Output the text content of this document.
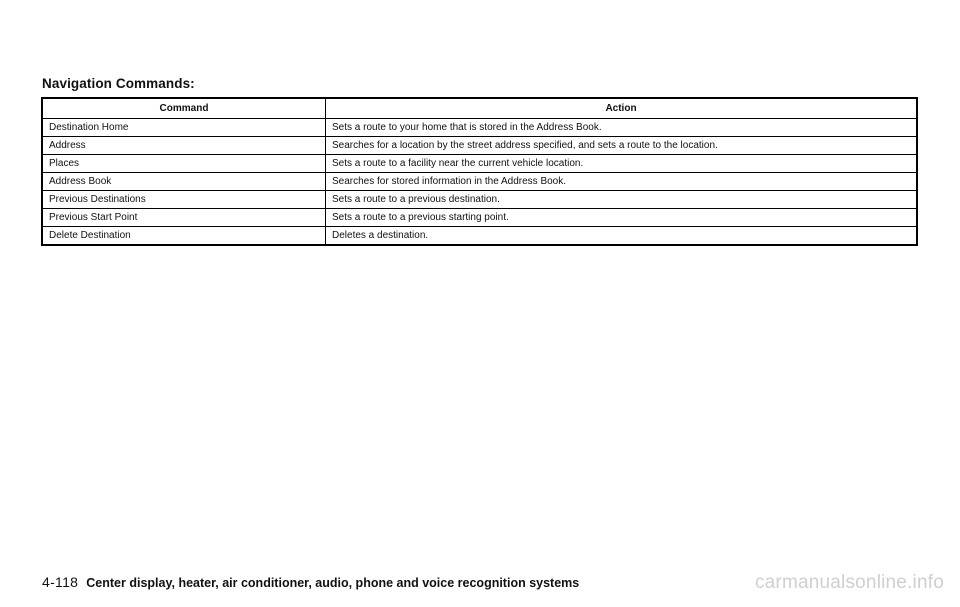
Navigation Commands:
Command	Action
Destination Home	Sets a route to your home that is stored in the Address Book.
Address	Searches for a location by the street address specified, and sets a route to the location.
Places	Sets a route to a facility near the current vehicle location.
Address Book	Searches for stored information in the Address Book.
Previous Destinations	Sets a route to a previous destination.
Previous Start Point	Sets a route to a previous starting point.
Delete Destination	Deletes a destination.
4-118 Center display, heater, air conditioner, audio, phone and voice recognition systems	carmanualsonline.info
